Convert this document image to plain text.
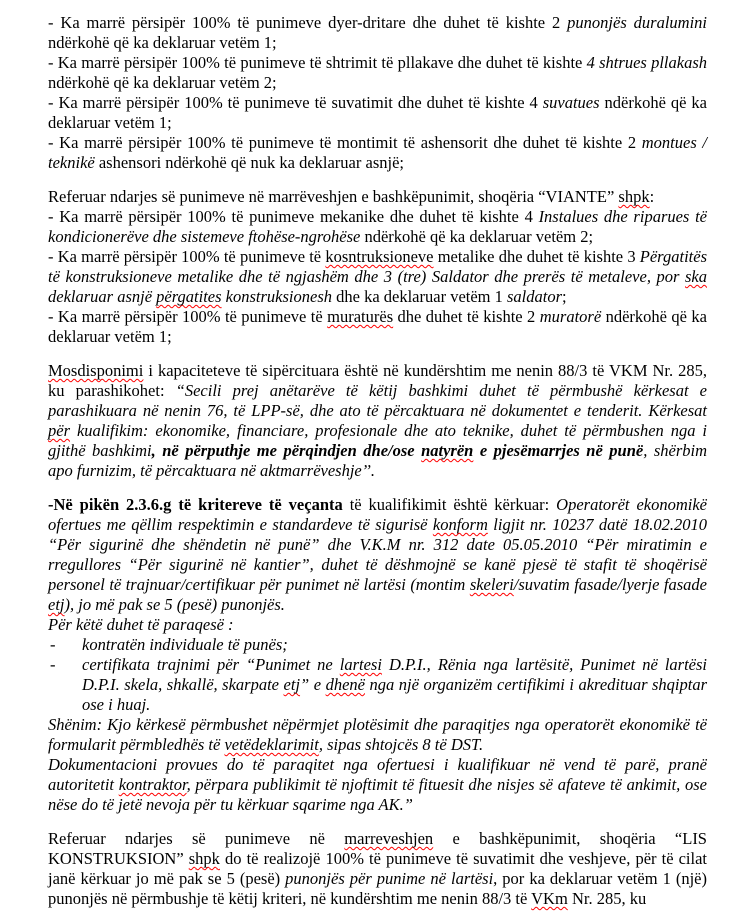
- Ka marrë përsipër 100% të punimeve dyer-dritare dhe duhet të kishte 2 punonjës duralumini ndërkohë që ka deklaruar vetëm 1;

- Ka marrë përsipër 100% të punimeve të shtrimit të pllakave dhe duhet të kishte 4 shtrues pllakash ndërkohë që ka deklaruar vetëm 2;

- Ka marrë përsipër 100% të punimeve të suvatimit dhe duhet të kishte 4 suvatues ndërkohë që ka deklaruar vetëm 1;

- Ka marrë përsipër 100% të punimeve të montimit të ashensorit dhe duhet të kishte 2 montues / teknikë ashensori ndërkohë që nuk ka deklaruar asnjë;

Referuar ndarjes së punimeve në marrëveshjen e bashkëpunimit, shoqëria “VIANTE” shpk:

- Ka marrë përsipër 100% të punimeve mekanike dhe duhet të kishte 4 Instalues dhe riparues të kondicionerëve dhe sistemeve ftohëse-ngrohëse ndërkohë që ka deklaruar vetëm 2;

- Ka marrë përsipër 100% të punimeve të kosntruksioneve metalike dhe duhet të kishte 3 Përgatitës të konstruksioneve metalike dhe të ngjashëm dhe 3 (tre) Saldator dhe prerës të metaleve, por ska deklaruar asnjë përgatites konstruksionesh dhe ka deklaruar vetëm 1 saldator;

- Ka marrë përsipër 100% të punimeve të muraturës dhe duhet të kishte 2 muratorë ndërkohë që ka deklaruar vetëm 1;

Mosdisponimi i kapaciteteve të sipërcituara është në kundërshtim me nenin 88/3 të VKM Nr. 285, ku parashikohet: “Secili prej anëtarëve të këtij bashkimi duhet të përmbushë kërkesat e parashikuara në nenin 76, të LPP-së, dhe ato të përcaktuara në dokumentet e tenderit. Kërkesat për kualifikim: ekonomike, financiare, profesionale dhe ato teknike, duhet të përmbushen nga i gjithë bashkimi, në përputhje me përqindjen dhe/ose natyrën e pjesëmarrjes në punë, shërbim apo furnizim, të përcaktuara në aktmarrëveshje’’.

-Në pikën 2.3.6.g të kritereve të veçanta të kualifikimit është kërkuar: Operatorët ekonomikë ofertues me qëllim respektimin e standardeve të sigurisë konform ligjit nr. 10237 datë 18.02.2010 “Për sigurinë dhe shëndetin në punë” dhe V.K.M nr. 312 date 05.05.2010 “Për miratimin e rregullores “Për sigurinë në kantier”, duhet të dëshmojnë se kanë pjesë të stafit të shoqërisë personel të trajnuar/certifikuar për punimet në lartësi (montim skeleri/suvatim fasade/lyerje fasade etj), jo më pak se 5 (pesë) punonjës.

Për këtë duhet të paraqesë :

- kontratën individuale të punës;

- certifikata trajnimi për “Punimet ne lartesi D.P.I., Rënia nga lartësitë, Punimet në lartësi D.P.I. skela, shkallë, skarpate etj” e dhenë nga një organizëm certifikimi i akredituar shqiptar ose i huaj.

Shënim: Kjo kërkesë përmbushet nëpërmjet plotësimit dhe paraqitjes nga operatorët ekonomikë të formularit përmbledhës të vetëdeklarimit, sipas shtojcës 8 të DST.

Dokumentacioni provues do të paraqitet nga ofertuesi i kualifikuar në vend të parë, pranë autoritetit kontraktor, përpara publikimit të njoftimit të fituesit dhe nisjes së afateve të ankimit, ose nëse do të jetë nevoja për tu kërkuar sqarime nga AK.”

Referuar ndarjes së punimeve në marreveshjen e bashkëpunimit, shoqëria “LIS KONSTRUKSION” shpk do të realizojë 100% të punimeve të suvatimit dhe veshjeve, për të cilat janë kërkuar jo më pak se 5 (pesë) punonjës për punime në lartësi, por ka deklaruar vetëm 1 (një) punonjës në përmbushje të këtij kriteri, në kundërshtim me nenin 88/3 të VKm Nr. 285, ku
